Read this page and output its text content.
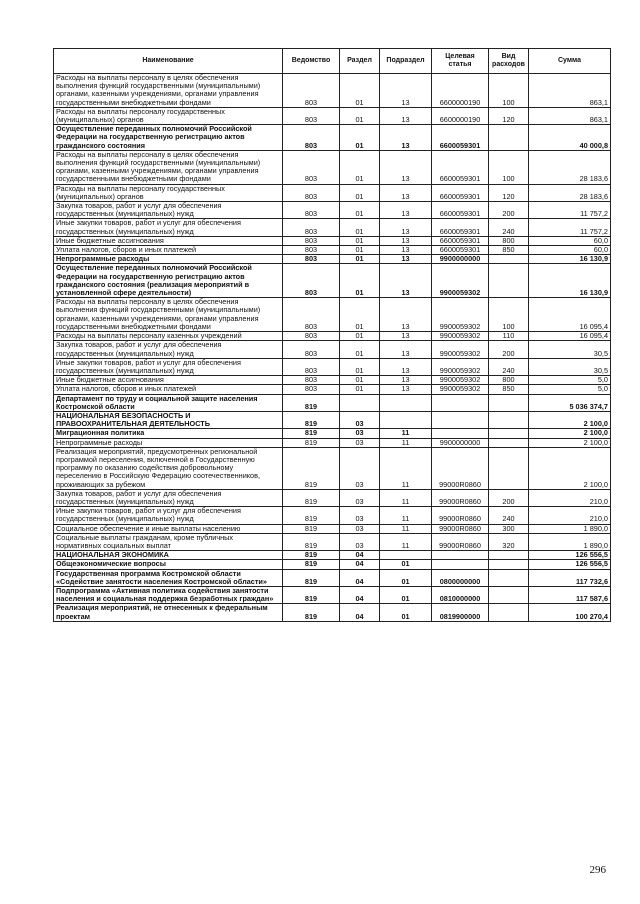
Наименование	Ведомство	Раздел	Подраздел	Целевая статья	Вид расходов	Сумма
Расходы на выплаты персоналу в целях обеспечения выполнения функций государственными (муниципальными) органами, казенными учреждениями, органами управления государственными внебюджетными фондами	803	01	13	6600000190	100	863,1
Расходы на выплаты персоналу государственных (муниципальных) органов	803	01	13	6600000190	120	863,1
Осуществление переданных полномочий Российской Федерации на государственную регистрацию актов гражданского состояния	803	01	13	6600059301		40 000,8
Расходы на выплаты персоналу в целях обеспечения выполнения функций государственными (муниципальными) органами, казенными учреждениями, органами управления государственными внебюджетными фондами	803	01	13	6600059301	100	28 183,6
Расходы на выплаты персоналу государственных (муниципальных) органов	803	01	13	6600059301	120	28 183,6
Закупка товаров, работ и услуг для обеспечения государственных (муниципальных) нужд	803	01	13	6600059301	200	11 757,2
Иные закупки товаров, работ и услуг для обеспечения государственных (муниципальных) нужд	803	01	13	6600059301	240	11 757,2
Иные бюджетные ассигнования	803	01	13	6600059301	800	60,0
Уплата налогов, сборов и иных платежей	803	01	13	6600059301	850	60,0
Непрограммные расходы	803	01	13	9900000000		16 130,9
Осуществление переданных полномочий Российской Федерации на государственную регистрацию актов гражданского состояния (реализация мероприятий в установленной сфере деятельности)	803	01	13	9900059302		16 130,9
Расходы на выплаты персоналу в целях обеспечения выполнения функций государственными (муниципальными) органами, казенными учреждениями, органами управления государственными внебюджетными фондами	803	01	13	9900059302	100	16 095,4
Расходы на выплаты персоналу казенных учреждений	803	01	13	9900059302	110	16 095,4
Закупка товаров, работ и услуг для обеспечения государственных (муниципальных) нужд	803	01	13	9900059302	200	30,5
Иные закупки товаров, работ и услуг для обеспечения государственных (муниципальных) нужд	803	01	13	9900059302	240	30,5
Иные бюджетные ассигнования	803	01	13	9900059302	800	5,0
Уплата налогов, сборов и иных платежей	803	01	13	9900059302	850	5,0
Департамент по труду и социальной защите населения Костромской области	819					5 036 374,7
НАЦИОНАЛЬНАЯ БЕЗОПАСНОСТЬ И ПРАВООХРАНИТЕЛЬНАЯ ДЕЯТЕЛЬНОСТЬ	819	03				2 100,0
Миграционная политика	819	03	11			2 100,0
Непрограммные расходы	819	03	11	9900000000		2 100,0
Реализация мероприятий, предусмотренных региональной программой переселения, включенной в Государственную программу по оказанию содействия добровольному переселению в Российскую Федерацию соотечественников, проживающих за рубежом	819	03	11	99000R0860		2 100,0
Закупка товаров, работ и услуг для обеспечения государственных (муниципальных) нужд	819	03	11	99000R0860	200	210,0
Иные закупки товаров, работ и услуг для обеспечения государственных (муниципальных) нужд	819	03	11	99000R0860	240	210,0
Социальное обеспечение и иные выплаты населению	819	03	11	99000R0860	300	1 890,0
Социальные выплаты гражданам, кроме публичных нормативных социальных выплат	819	03	11	99000R0860	320	1 890,0
НАЦИОНАЛЬНАЯ ЭКОНОМИКА	819	04				126 556,5
Общеэкономические вопросы	819	04	01			126 556,5
Государственная программа Костромской области «Содействие занятости населения Костромской области»	819	04	01	0800000000		117 732,6
Подпрограмма «Активная политика содействия занятости населения и социальная поддержка безработных граждан»	819	04	01	0810000000		117 587,6
Реализация мероприятий, не отнесенных к федеральным проектам	819	04	01	0819900000		100 270,4
296
